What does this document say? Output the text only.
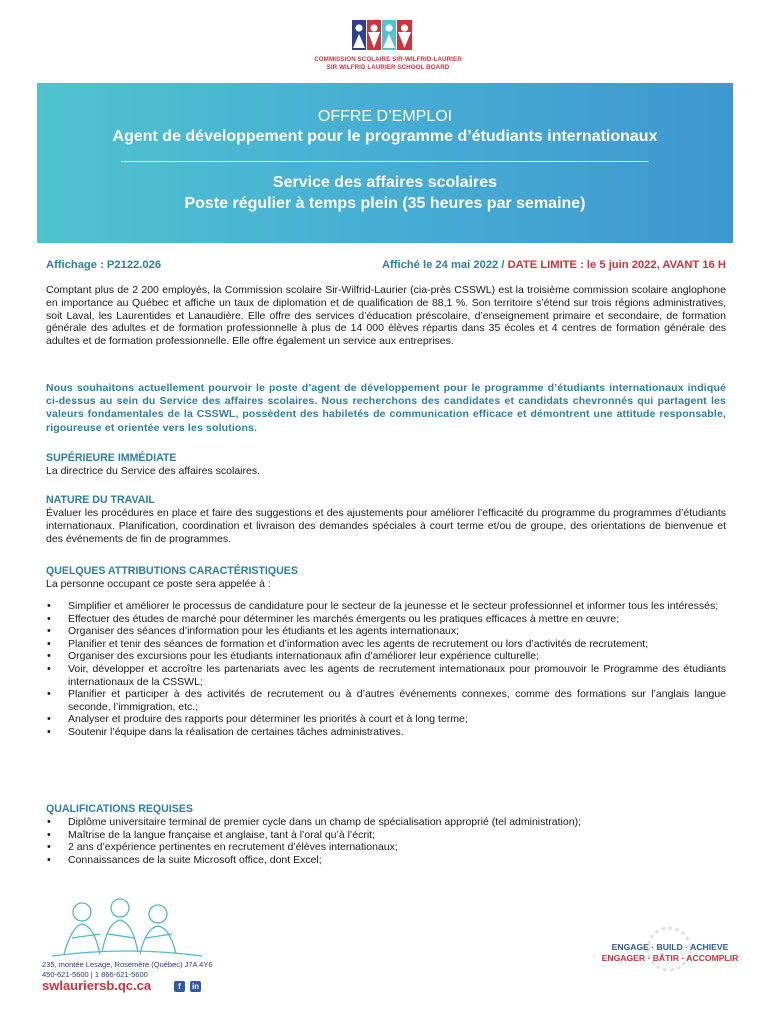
COMMISSION SCOLAIRE SIR-WILFRID-LAURIER
SIR WILFRID LAURIER SCHOOL BOARD
OFFRE D’EMPLOI
Agent de développement pour le programme d’étudiants internationaux
Service des affaires scolaires
Poste régulier à temps plein (35 heures par semaine)
Affichage : P2122.026	Affiché le 24 mai 2022 / DATE LIMITE : le 5 juin 2022, AVANT 16 H
Comptant plus de 2 200 employés, la Commission scolaire Sir-Wilfrid-Laurier (cia-près CSSWL) est la troisième commission scolaire anglophone en importance au Québec et affiche un taux de diplomation et de qualification de 88,1 %. Son territoire s’étend sur trois régions administratives, soit Laval, les Laurentides et Lanaudière. Elle offre des services d’éducation préscolaire, d’enseignement primaire et secondaire, de formation générale des adultes et de formation professionnelle à plus de 14 000 élèves répartis dans 35 écoles et 4 centres de formation générale des adultes et de formation professionnelle. Elle offre également un service aux entreprises.
Nous souhaitons actuellement pourvoir le poste d’agent de développement pour le programme d’étudiants internationaux indiqué ci-dessus au sein du Service des affaires scolaires. Nous recherchons des candidates et candidats chevronnés qui partagent les valeurs fondamentales de la CSSWL, possèdent des habiletés de communication efficace et démontrent une attitude responsable, rigoureuse et orientée vers les solutions.
SUPÉRIEURE IMMÉDIATE
La directrice du Service des affaires scolaires.
NATURE DU TRAVAIL
Évaluer les procédures en place et faire des suggestions et des ajustements pour améliorer l’efficacité du programme du programmes d’étudiants internationaux. Planification, coordination et livraison des demandes spéciales à court terme et/ou de groupe, des orientations de bienvenue et des événements de fin de programmes.
QUELQUES ATTRIBUTIONS CARACTÉRISTIQUES
La personne occupant ce poste sera appelée à :
• Simplifier et améliorer le processus de candidature pour le secteur de la jeunesse et le secteur professionnel et informer tous les intéressés;
• Effectuer des études de marché pour déterminer les marchés émergents ou les pratiques efficaces à mettre en œuvre;
• Organiser des séances d’information pour les étudiants et les agents internationaux;
• Planifier et tenir des séances de formation et d’information avec les agents de recrutement ou lors d’activités de recrutement;
• Organiser des excursions pour les étudiants internationaux afin d’améliorer leur expérience culturelle;
• Voir, développer et accroître les partenariats avec les agents de recrutement internationaux pour promouvoir le Programme des étudiants internationaux de la CSSWL;
• Planifier et participer à des activités de recrutement ou à d’autres événements connexes, comme des formations sur l’anglais langue seconde, l’immigration, etc.;
• Analyser et produire des rapports pour déterminer les priorités à court et à long terme;
• Soutenir l’équipe dans la réalisation de certaines tâches administratives.
QUALIFICATIONS REQUISES
• Diplôme universitaire terminal de premier cycle dans un champ de spécialisation approprié (tel administration);
• Maîtrise de la langue française et anglaise, tant à l’oral qu’à l’écrit;
• 2 ans d’expérience pertinentes en recrutement d’élèves internationaux;
• Connaissances de la suite Microsoft office, dont Excel;
235, montée Lesage, Rosemère (Québec) J7A 4Y6
450-621-5600 | 1 866-621-5600
swlauriersb.qc.ca	f	in
ENGAGE · BUILD · ACHIEVE
ENGAGER · BÂTIR · ACCOMPLIR
